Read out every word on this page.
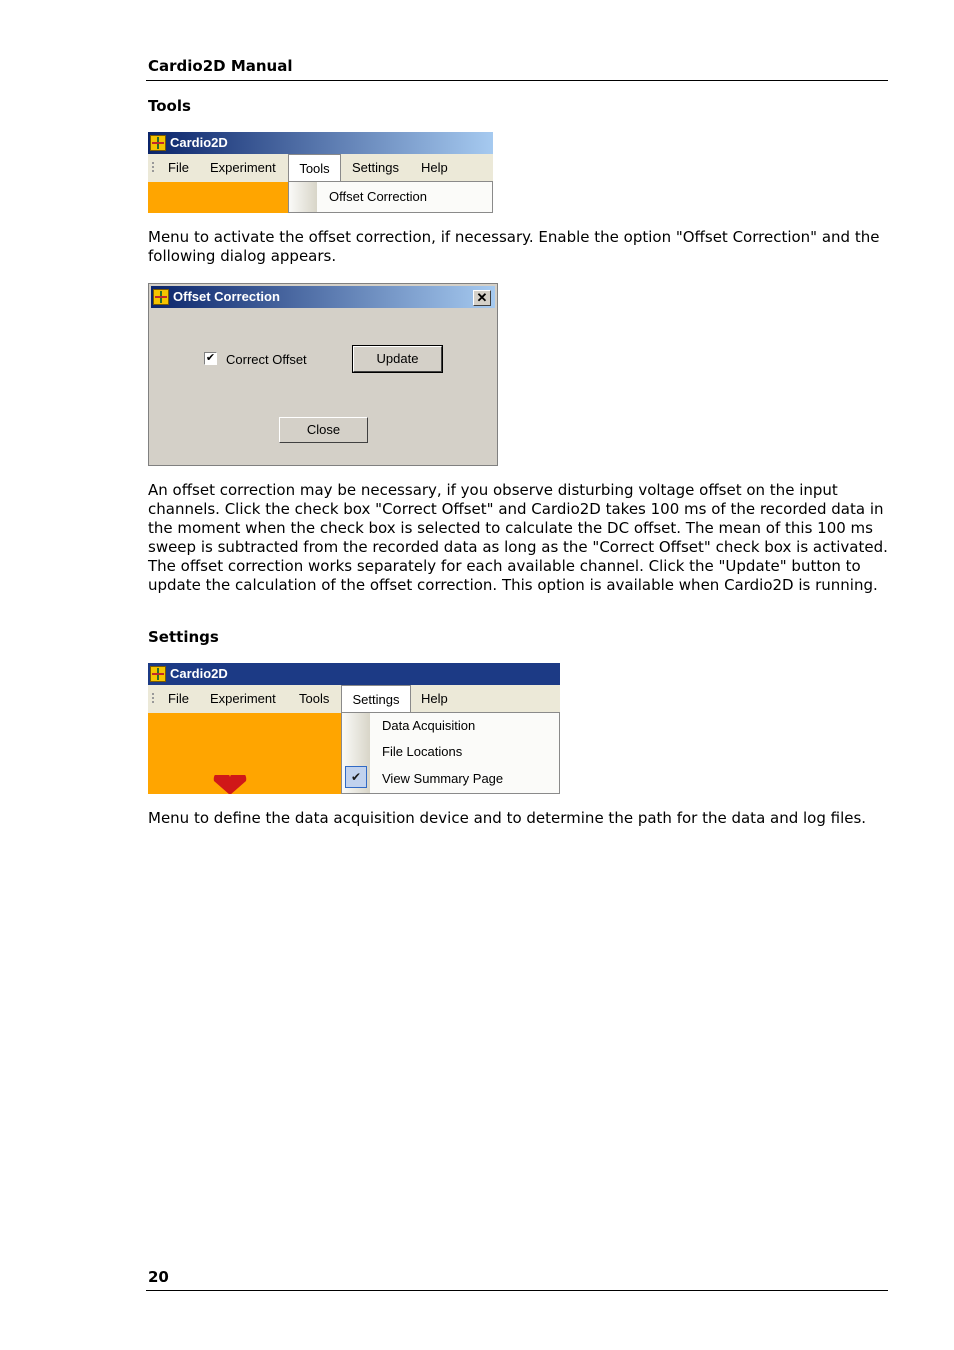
Cardio2D Manual
Tools
Cardio2D
File Experiment	Tools	Settings Help
Offset Correction
Menu to activate the offset correction, if necessary. Enable the option "Offset Correction" and the following dialog appears.
Offset Correction	✕
✔ Correct Offset	Update
Close
An offset correction may be necessary, if you observe disturbing voltage offset on the input channels. Click the check box "Correct Offset" and Cardio2D takes 100 ms of the recorded data in the moment when the check box is selected to calculate the DC offset. The mean of this 100 ms sweep is subtracted from the recorded data as long as the "Correct Offset" check box is activated. The offset correction works separately for each available channel. Click the "Update" button to update the calculation of the offset correction. This option is available when Cardio2D is running.
Settings
Cardio2D
File Experiment Tools	Settings	Help
Data Acquisition
File Locations
✔	View Summary Page
Menu to define the data acquisition device and to determine the path for the data and log files.
20
